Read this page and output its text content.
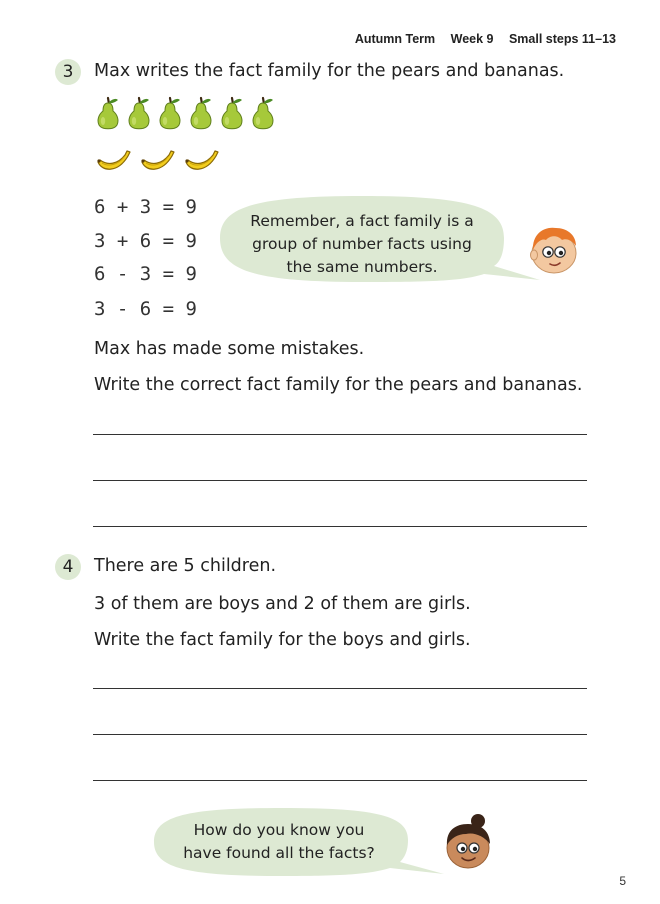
Autumn Term Week 9 Small steps 11–13
3	Max writes the fact family for the pears and bananas.
6 + 3 = 9
3 + 6 = 9
6 - 3 = 9
3 - 6 = 9
Remember, a fact family is a
group of number facts using
the same numbers.
Max has made some mistakes.
Write the correct fact family for the pears and bananas.
4	There are 5 children.
3 of them are boys and 2 of them are girls.
Write the fact family for the boys and girls.
How do you know you
have found all the facts?
5
